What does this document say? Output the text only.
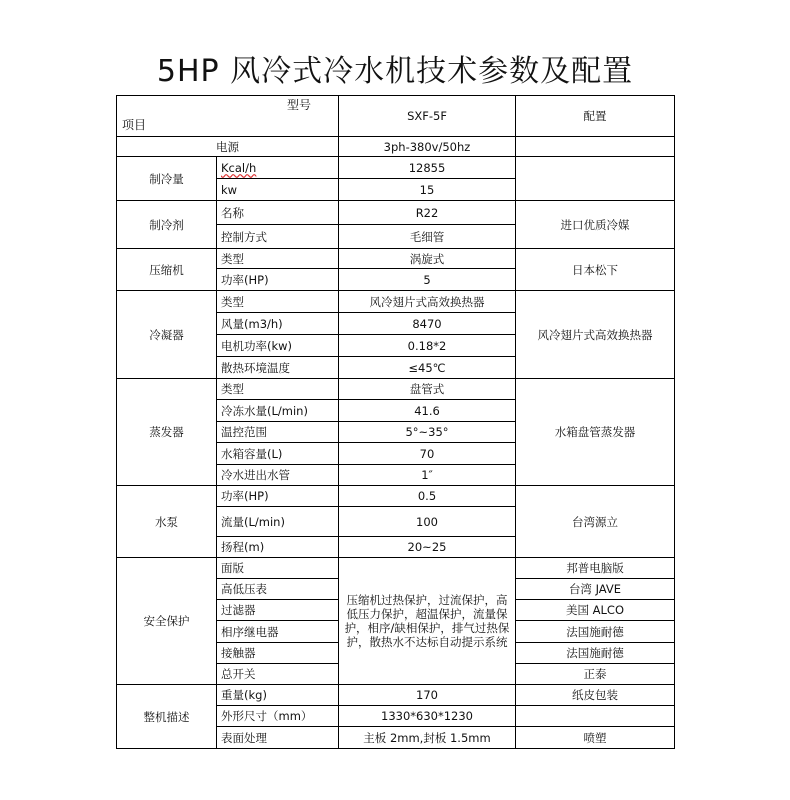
5HP 风冷式冷水机技术参数及配置
型号
项目		SXF-5F	配置
电源		3ph-380v/50hz	
制冷量	Kcal/h	12855	
	kw	15	
制冷剂	名称	R22	进口优质冷媒
	控制方式	毛细管	
压缩机	类型	涡旋式	日本松下
	功率(HP)	5	
冷凝器	类型	风冷翅片式高效换热器	风冷翅片式高效换热器
	风量(m3/h)	8470	
	电机功率(kw)	0.18*2	
	散热环境温度	≤45℃	
蒸发器	类型	盘管式	水箱盘管蒸发器
	冷冻水量(L/min)	41.6	
	温控范围	5°~35°	
	水箱容量(L)	70	
	冷水进出水管	1″	
水泵	功率(HP)	0.5	台湾源立
	流量(L/min)	100	
	扬程(m)	20~25	
安全保护	面版	压缩机过热保护，过流保护，高低压力保护，超温保护，流量保护，相序/缺相保护，排气过热保护，散热水不达标自动提示系统	邦普电脑版
	高低压表		台湾 JAVE
	过滤器		美国 ALCO
	相序继电器		法国施耐德
	接触器		法国施耐德
	总开关		正泰
整机描述	重量(kg)	170	纸皮包装
	外形尺寸（mm）	1330*630*1230	
	表面处理	主板 2mm,封板 1.5mm	喷塑
